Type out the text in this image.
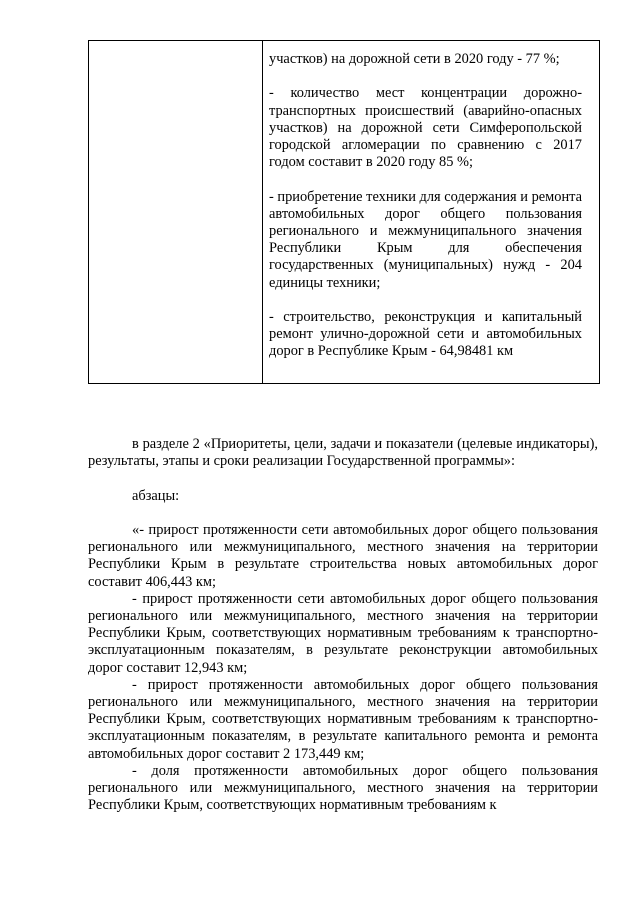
участков) на дорожной сети в 2020 году - 77 %;

- количество мест концентрации дорожно-транспортных происшествий (аварийно-опасных участков) на дорожной сети Симферопольской городской агломерации по сравнению с 2017 годом составит в 2020 году 85 %;

- приобретение техники для содержания и ремонта автомобильных дорог общего пользования регионального и межмуниципального значения Республики Крым для обеспечения государственных (муниципальных) нужд - 204 единицы техники;

- строительство, реконструкция и капитальный ремонт улично-дорожной сети и автомобильных дорог в Республике Крым - 64,98481 км

в разделе 2 «Приоритеты, цели, задачи и показатели (целевые индикаторы), результаты, этапы и сроки реализации Государственной программы»:

абзацы:

«- прирост протяженности сети автомобильных дорог общего пользования регионального или межмуниципального, местного значения на территории Республики Крым в результате строительства новых автомобильных дорог составит 406,443 км;

- прирост протяженности сети автомобильных дорог общего пользования регионального или межмуниципального, местного значения на территории Республики Крым, соответствующих нормативным требованиям к транспортно-эксплуатационным показателям, в результате реконструкции автомобильных дорог составит 12,943 км;

- прирост протяженности автомобильных дорог общего пользования регионального или межмуниципального, местного значения на территории Республики Крым, соответствующих нормативным требованиям к транспортно-эксплуатационным показателям, в результате капитального ремонта и ремонта автомобильных дорог составит 2 173,449 км;

- доля протяженности автомобильных дорог общего пользования регионального или межмуниципального, местного значения на территории Республики Крым, соответствующих нормативным требованиям к
